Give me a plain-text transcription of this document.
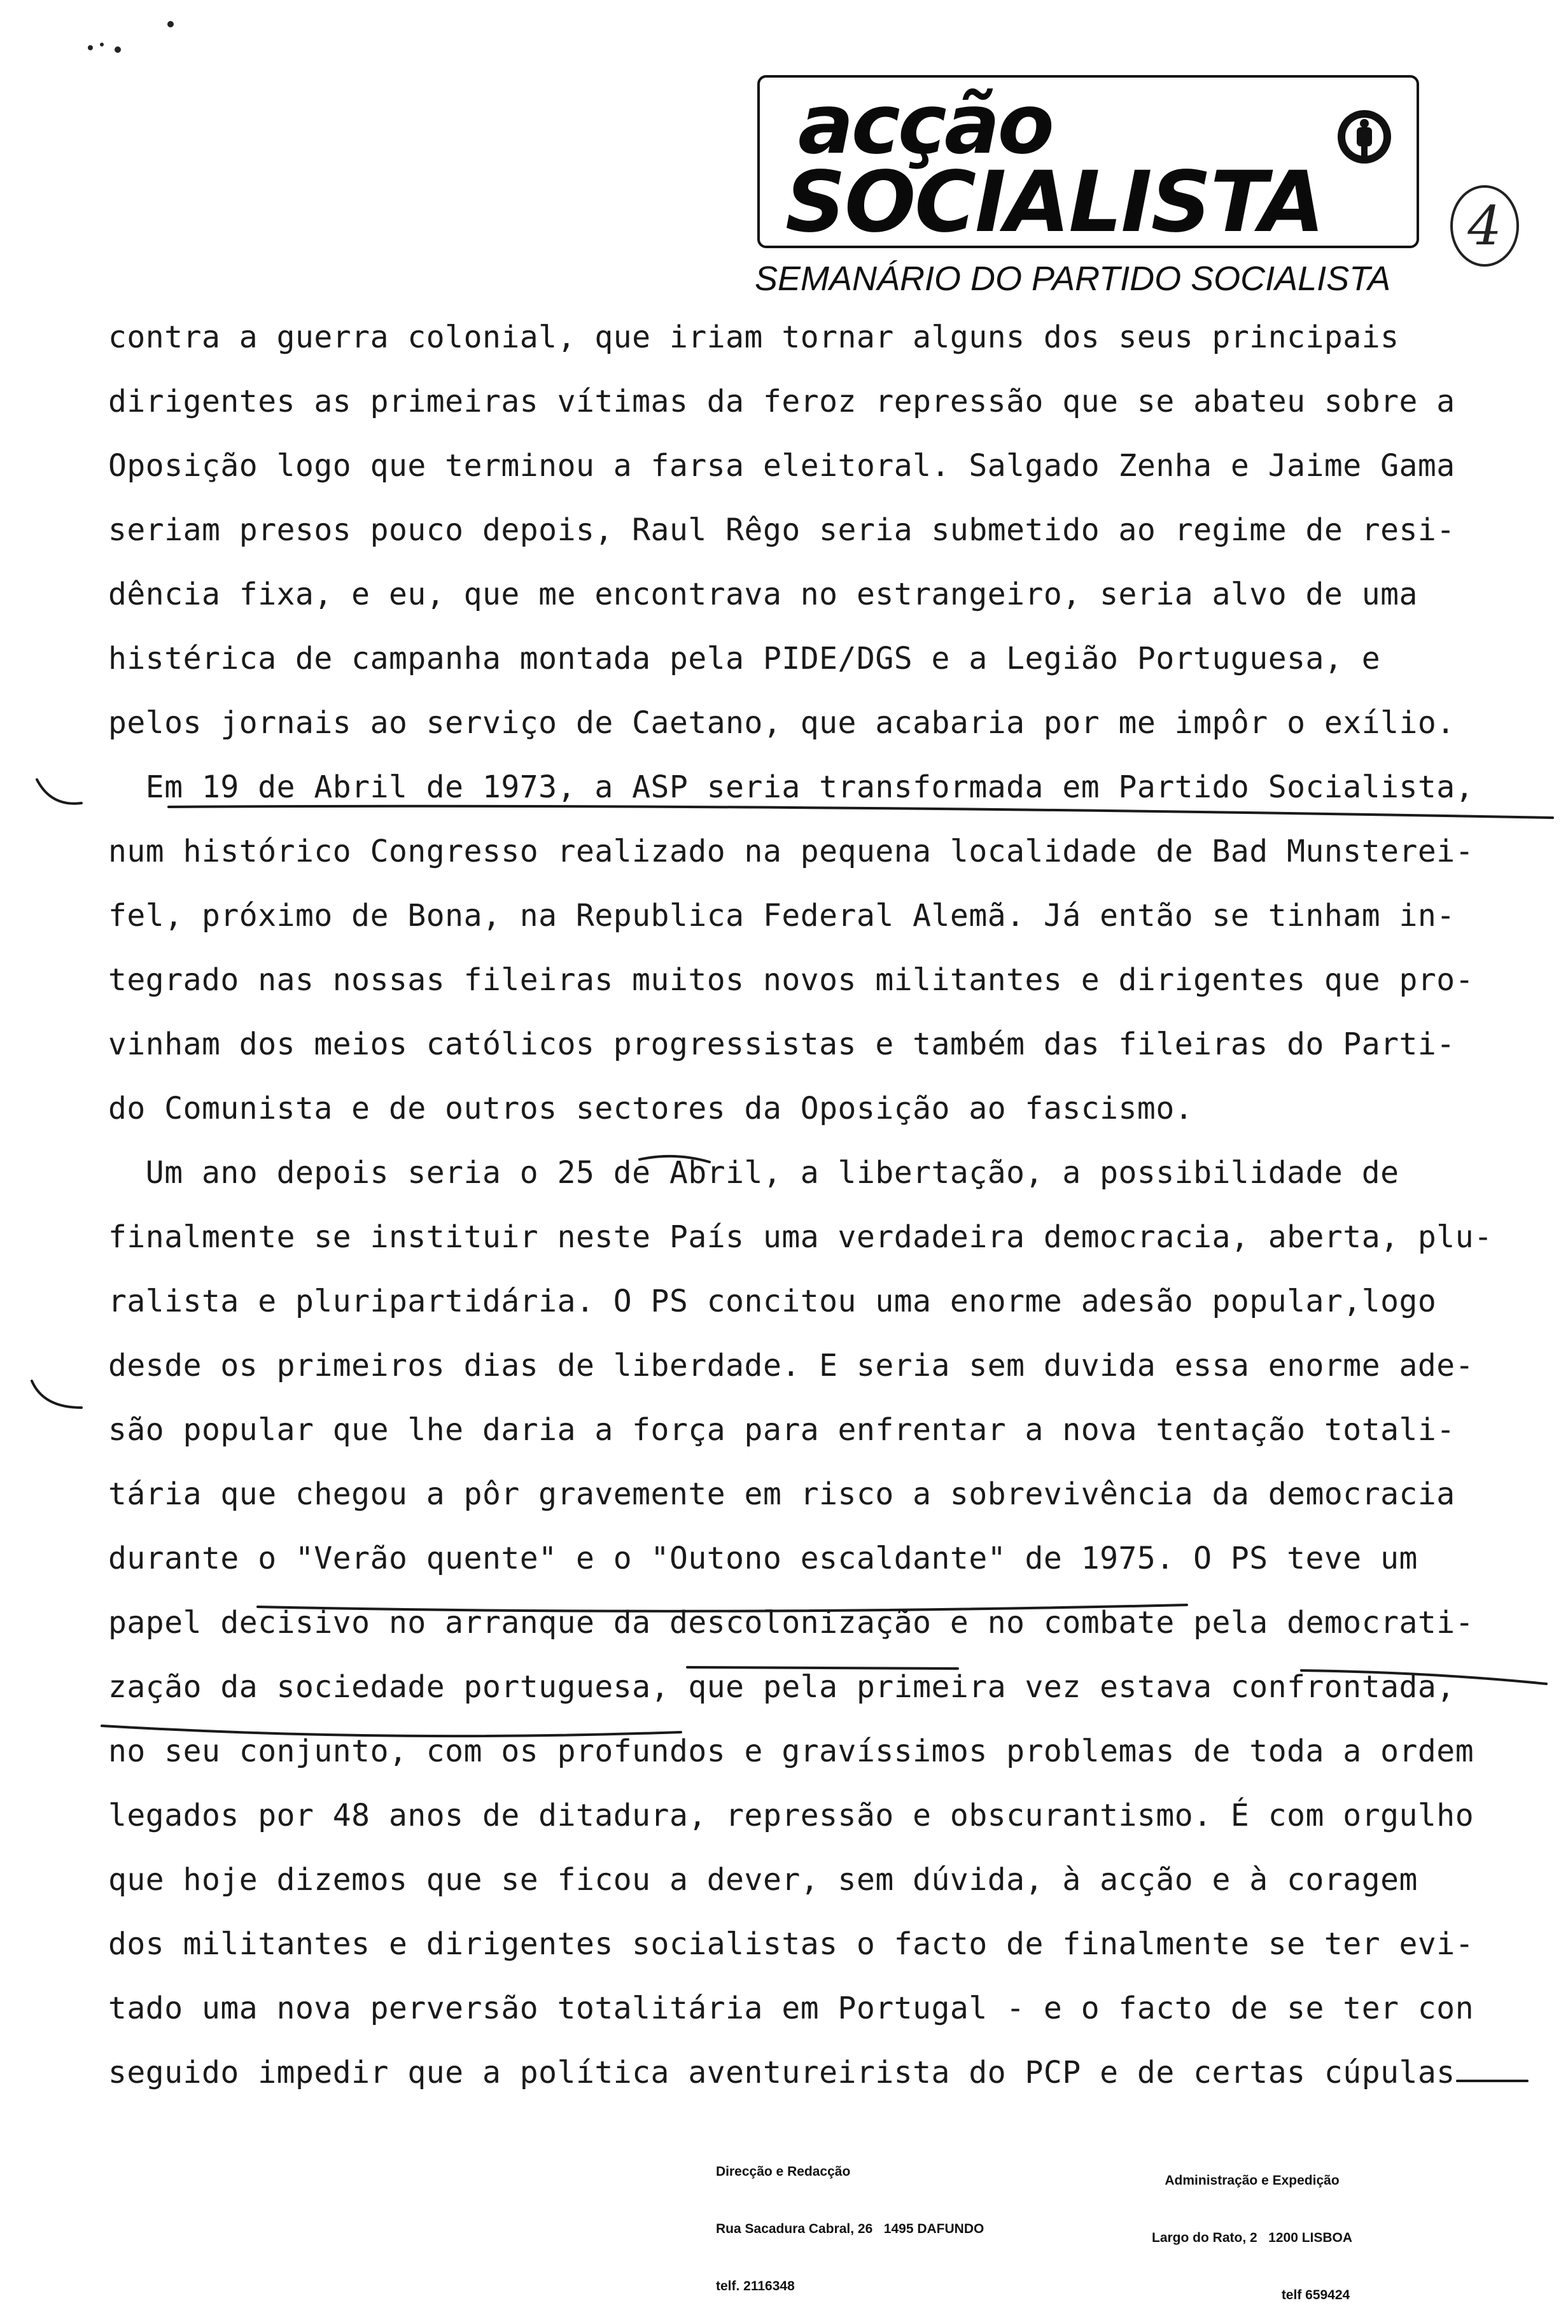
acção
SOCIALISTA
SEMANÁRIO DO PARTIDO SOCIALISTA
4
contra a guerra colonial, que iriam tornar alguns dos seus principais
dirigentes as primeiras vítimas da feroz repressão que se abateu sobre a
Oposição logo que terminou a farsa eleitoral. Salgado Zenha e Jaime Gama
seriam presos pouco depois, Raul Rêgo seria submetido ao regime de resi-
dência fixa, e eu, que me encontrava no estrangeiro, seria alvo de uma
histérica de campanha montada pela PIDE/DGS e a Legião Portuguesa, e
pelos jornais ao serviço de Caetano, que acabaria por me impôr o exílio.
Em 19 de Abril de 1973, a ASP seria transformada em Partido Socialista,
num histórico Congresso realizado na pequena localidade de Bad Munsterei-
fel, próximo de Bona, na Republica Federal Alemã. Já então se tinham in-
tegrado nas nossas fileiras muitos novos militantes e dirigentes que pro-
vinham dos meios católicos progressistas e também das fileiras do Parti-
do Comunista e de outros sectores da Oposição ao fascismo.
Um ano depois seria o 25 de Abril, a libertação, a possibilidade de
finalmente se instituir neste País uma verdadeira democracia, aberta, plu-
ralista e pluripartidária. O PS concitou uma enorme adesão popular,logo
desde os primeiros dias de liberdade. E seria sem duvida essa enorme ade-
são popular que lhe daria a força para enfrentar a nova tentação totali-
tária que chegou a pôr gravemente em risco a sobrevivência da democracia
durante o "Verão quente" e o "Outono escaldante" de 1975. O PS teve um
papel decisivo no arranque da descolonização e no combate pela democrati-
zação da sociedade portuguesa, que pela primeira vez estava confrontada,
no seu conjunto, com os profundos e gravíssimos problemas de toda a ordem
legados por 48 anos de ditadura, repressão e obscurantismo. É com orgulho
que hoje dizemos que se ficou a dever, sem dúvida, à acção e à coragem
dos militantes e dirigentes socialistas o facto de finalmente se ter evi-
tado uma nova perversão totalitária em Portugal - e o facto de se ter con
seguido impedir que a política aventureirista do PCP e de certas cúpulas

Direcção e Redacção

Rua Sacadura Cabral, 26   1495 DAFUNDO

telf. 2116348

Administração e Expedição

Largo do Rato, 2   1200 LISBOA

telf 659424
